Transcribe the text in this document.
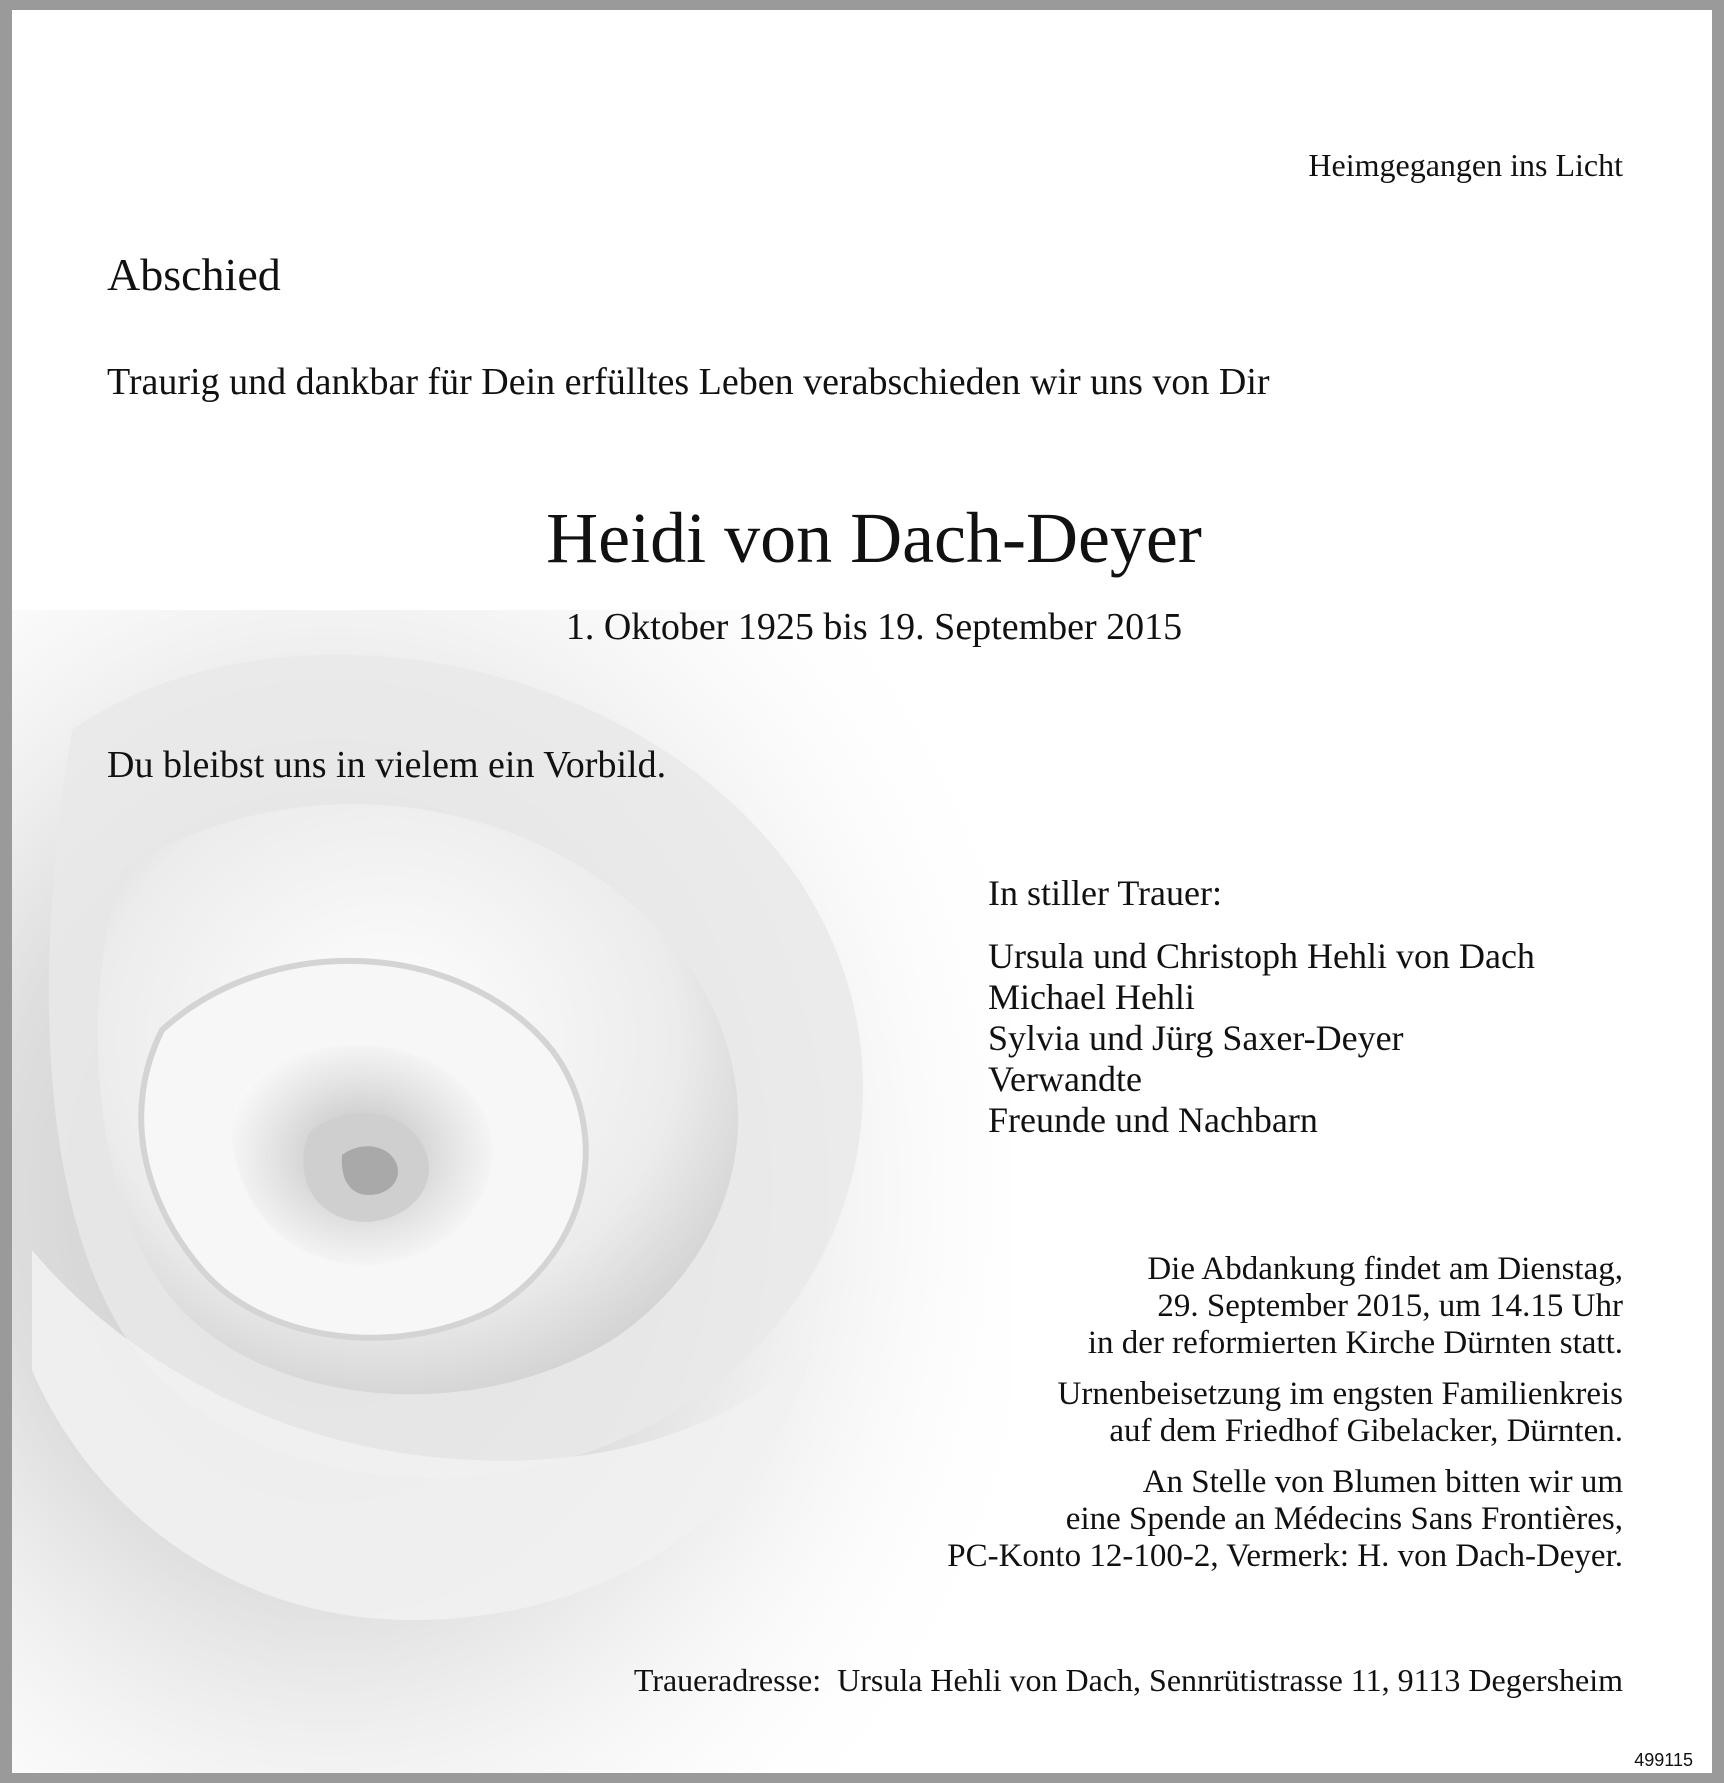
Heimgegangen ins Licht

Abschied

Traurig und dankbar für Dein erfülltes Leben verabschieden wir uns von Dir

Heidi von Dach-Deyer
1. Oktober 1925 bis 19. September 2015

Du bleibst uns in vielem ein Vorbild.

In stiller Trauer:
Ursula und Christoph Hehli von Dach
Michael Hehli
Sylvia und Jürg Saxer-Deyer
Verwandte
Freunde und Nachbarn
Die Abdankung findet am Dienstag,
29. September 2015, um 14.15 Uhr
in der reformierten Kirche Dürnten statt.
Urnenbeisetzung im engsten Familienkreis
auf dem Friedhof Gibelacker, Dürnten.
An Stelle von Blumen bitten wir um
eine Spende an Médecins Sans Frontières,
PC-Konto 12-100-2, Vermerk: H. von Dach-Deyer.

Traueradresse: Ursula Hehli von Dach, Sennrütistrasse 11, 9113 Degersheim

499115
